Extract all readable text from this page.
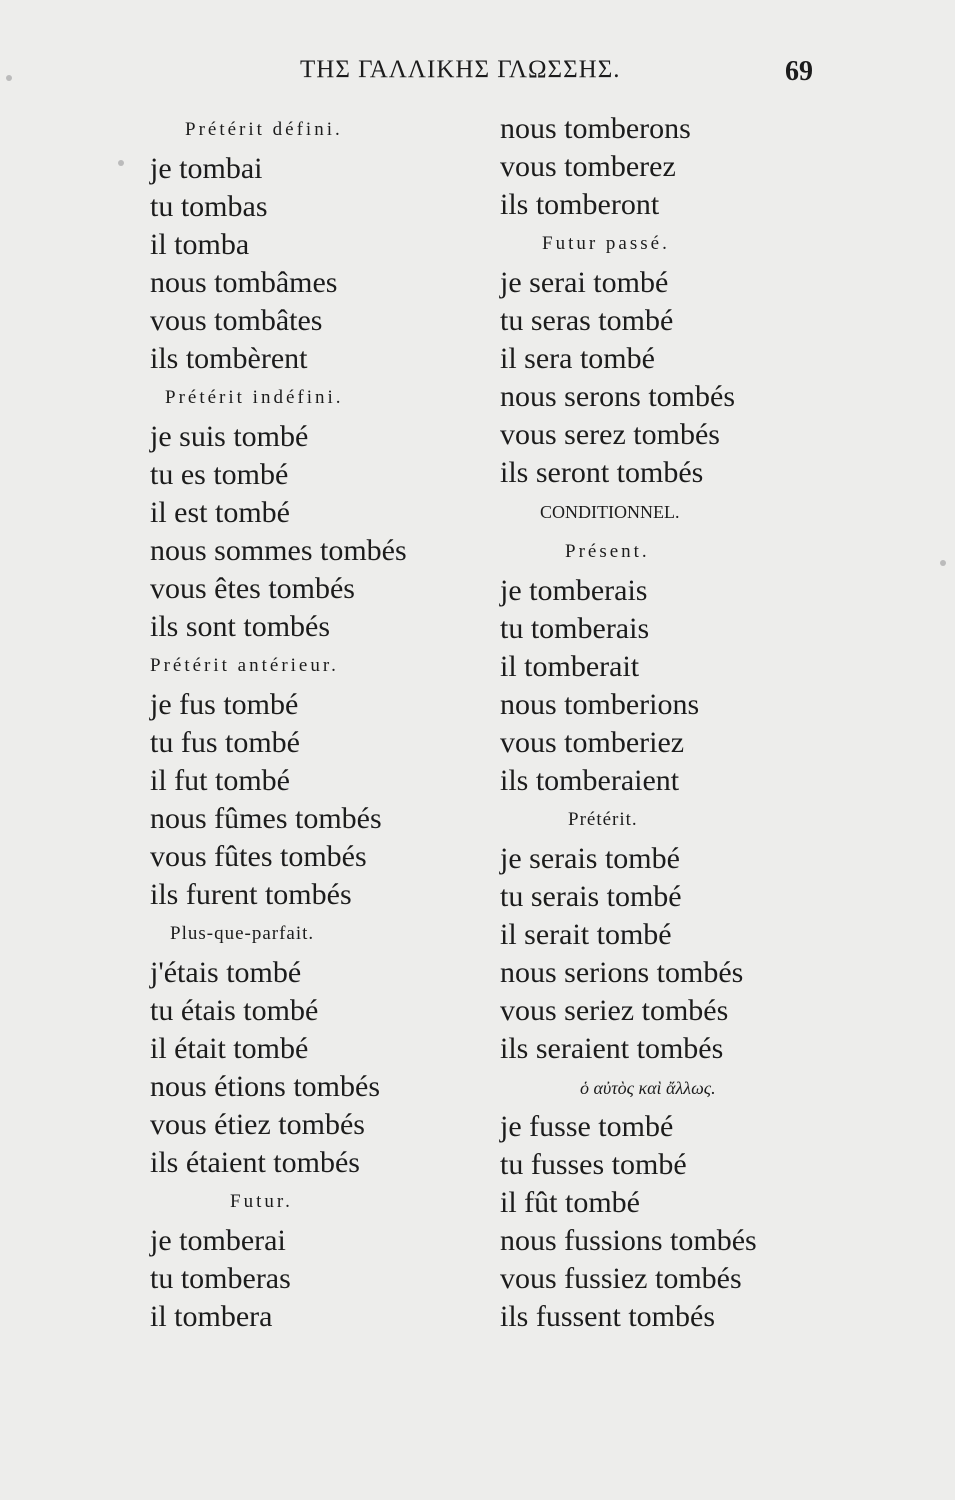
ΤΗΣ ΓΑΛΛΙΚΗΣ ΓΛΩΣΣΗΣ.	69
Prétérit défini.
je tombai
tu tombas
il tomba
nous tombâmes
vous tombâtes
ils tombèrent
Prétérit indéfini.
je suis tombé
tu es tombé
il est tombé
nous sommes tombés
vous êtes tombés
ils sont tombés
Prétérit antérieur.
je fus tombé
tu fus tombé
il fut tombé
nous fûmes tombés
vous fûtes tombés
ils furent tombés
Plus-que-parfait.
j'étais tombé
tu étais tombé
il était tombé
nous étions tombés
vous étiez tombés
ils étaient tombés
Futur.
je tomberai
tu tomberas
il tombera
nous tomberons
vous tomberez
ils tomberont
Futur passé.
je serai tombé
tu seras tombé
il sera tombé
nous serons tombés
vous serez tombés
ils seront tombés
CONDITIONNEL.
Présent.
je tomberais
tu tomberais
il tomberait
nous tomberions
vous tomberiez
ils tomberaient
Prétérit.
je serais tombé
tu serais tombé
il serait tombé
nous serions tombés
vous seriez tombés
ils seraient tombés
ὁ αὐτὸς καὶ ἄλλως.
je fusse tombé
tu fusses tombé
il fût tombé
nous fussions tombés
vous fussiez tombés
ils fussent tombés
